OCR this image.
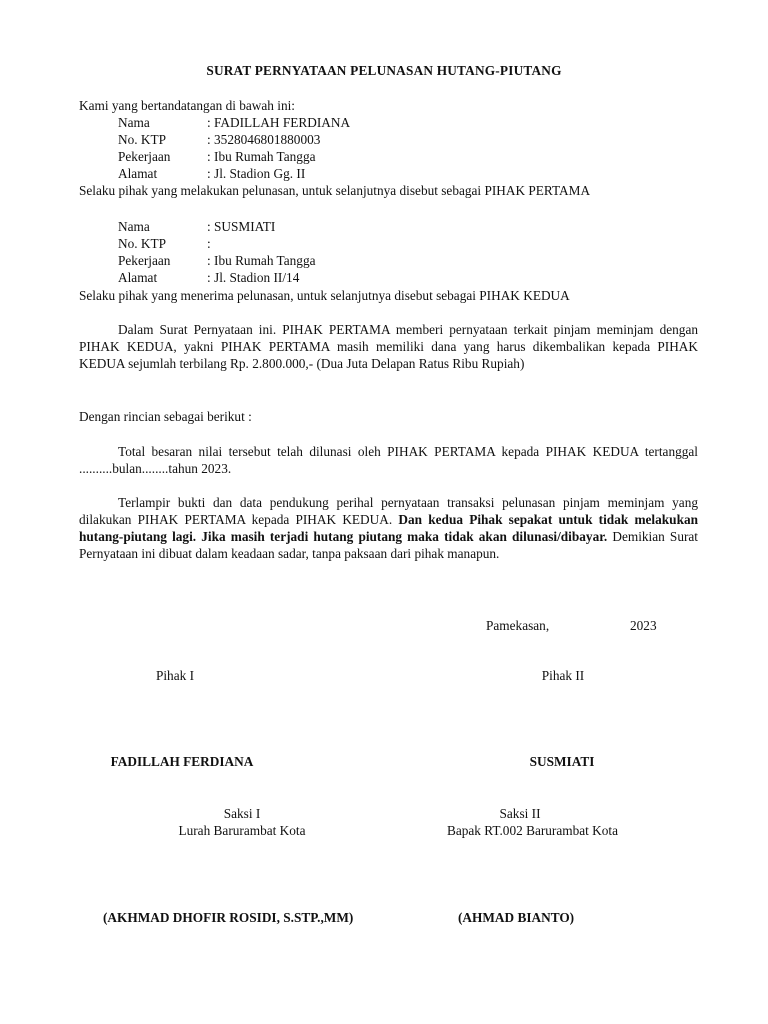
SURAT PERNYATAAN PELUNASAN HUTANG-PIUTANG
Kami yang bertandatangan di bawah ini:
Nama	: FADILLAH FERDIANA
No. KTP	: 3528046801880003
Pekerjaan	: Ibu Rumah Tangga
Alamat	: Jl. Stadion Gg. II
Selaku pihak yang melakukan pelunasan, untuk selanjutnya disebut sebagai PIHAK PERTAMA
Nama	: SUSMIATI
No. KTP	:
Pekerjaan	: Ibu Rumah Tangga
Alamat	: Jl. Stadion II/14
Selaku pihak yang menerima pelunasan, untuk selanjutnya disebut sebagai PIHAK KEDUA
Dalam Surat Pernyataan ini. PIHAK PERTAMA memberi pernyataan terkait pinjam meminjam dengan PIHAK KEDUA, yakni PIHAK PERTAMA masih memiliki dana yang harus dikembalikan kepada PIHAK KEDUA sejumlah terbilang Rp. 2.800.000,- (Dua Juta Delapan Ratus Ribu Rupiah)
Dengan rincian sebagai berikut :
Total besaran nilai tersebut telah dilunasi oleh PIHAK PERTAMA kepada PIHAK KEDUA tertanggal ..........bulan........tahun 2023.
Terlampir bukti dan data pendukung perihal pernyataan transaksi pelunasan pinjam meminjam yang dilakukan PIHAK PERTAMA kepada PIHAK KEDUA. Dan kedua Pihak sepakat untuk tidak melakukan hutang-piutang lagi. Jika masih terjadi hutang piutang maka tidak akan dilunasi/dibayar. Demikian Surat Pernyataan ini dibuat dalam keadaan sadar, tanpa paksaan dari pihak manapun.
Pamekasan,	2023
Pihak I	Pihak II
FADILLAH FERDIANA	SUSMIATI
Saksi I
Lurah Barurambat Kota
Saksi II
Bapak RT.002 Barurambat Kota
(AKHMAD DHOFIR ROSIDI, S.STP.,MM)	(AHMAD BIANTO)
